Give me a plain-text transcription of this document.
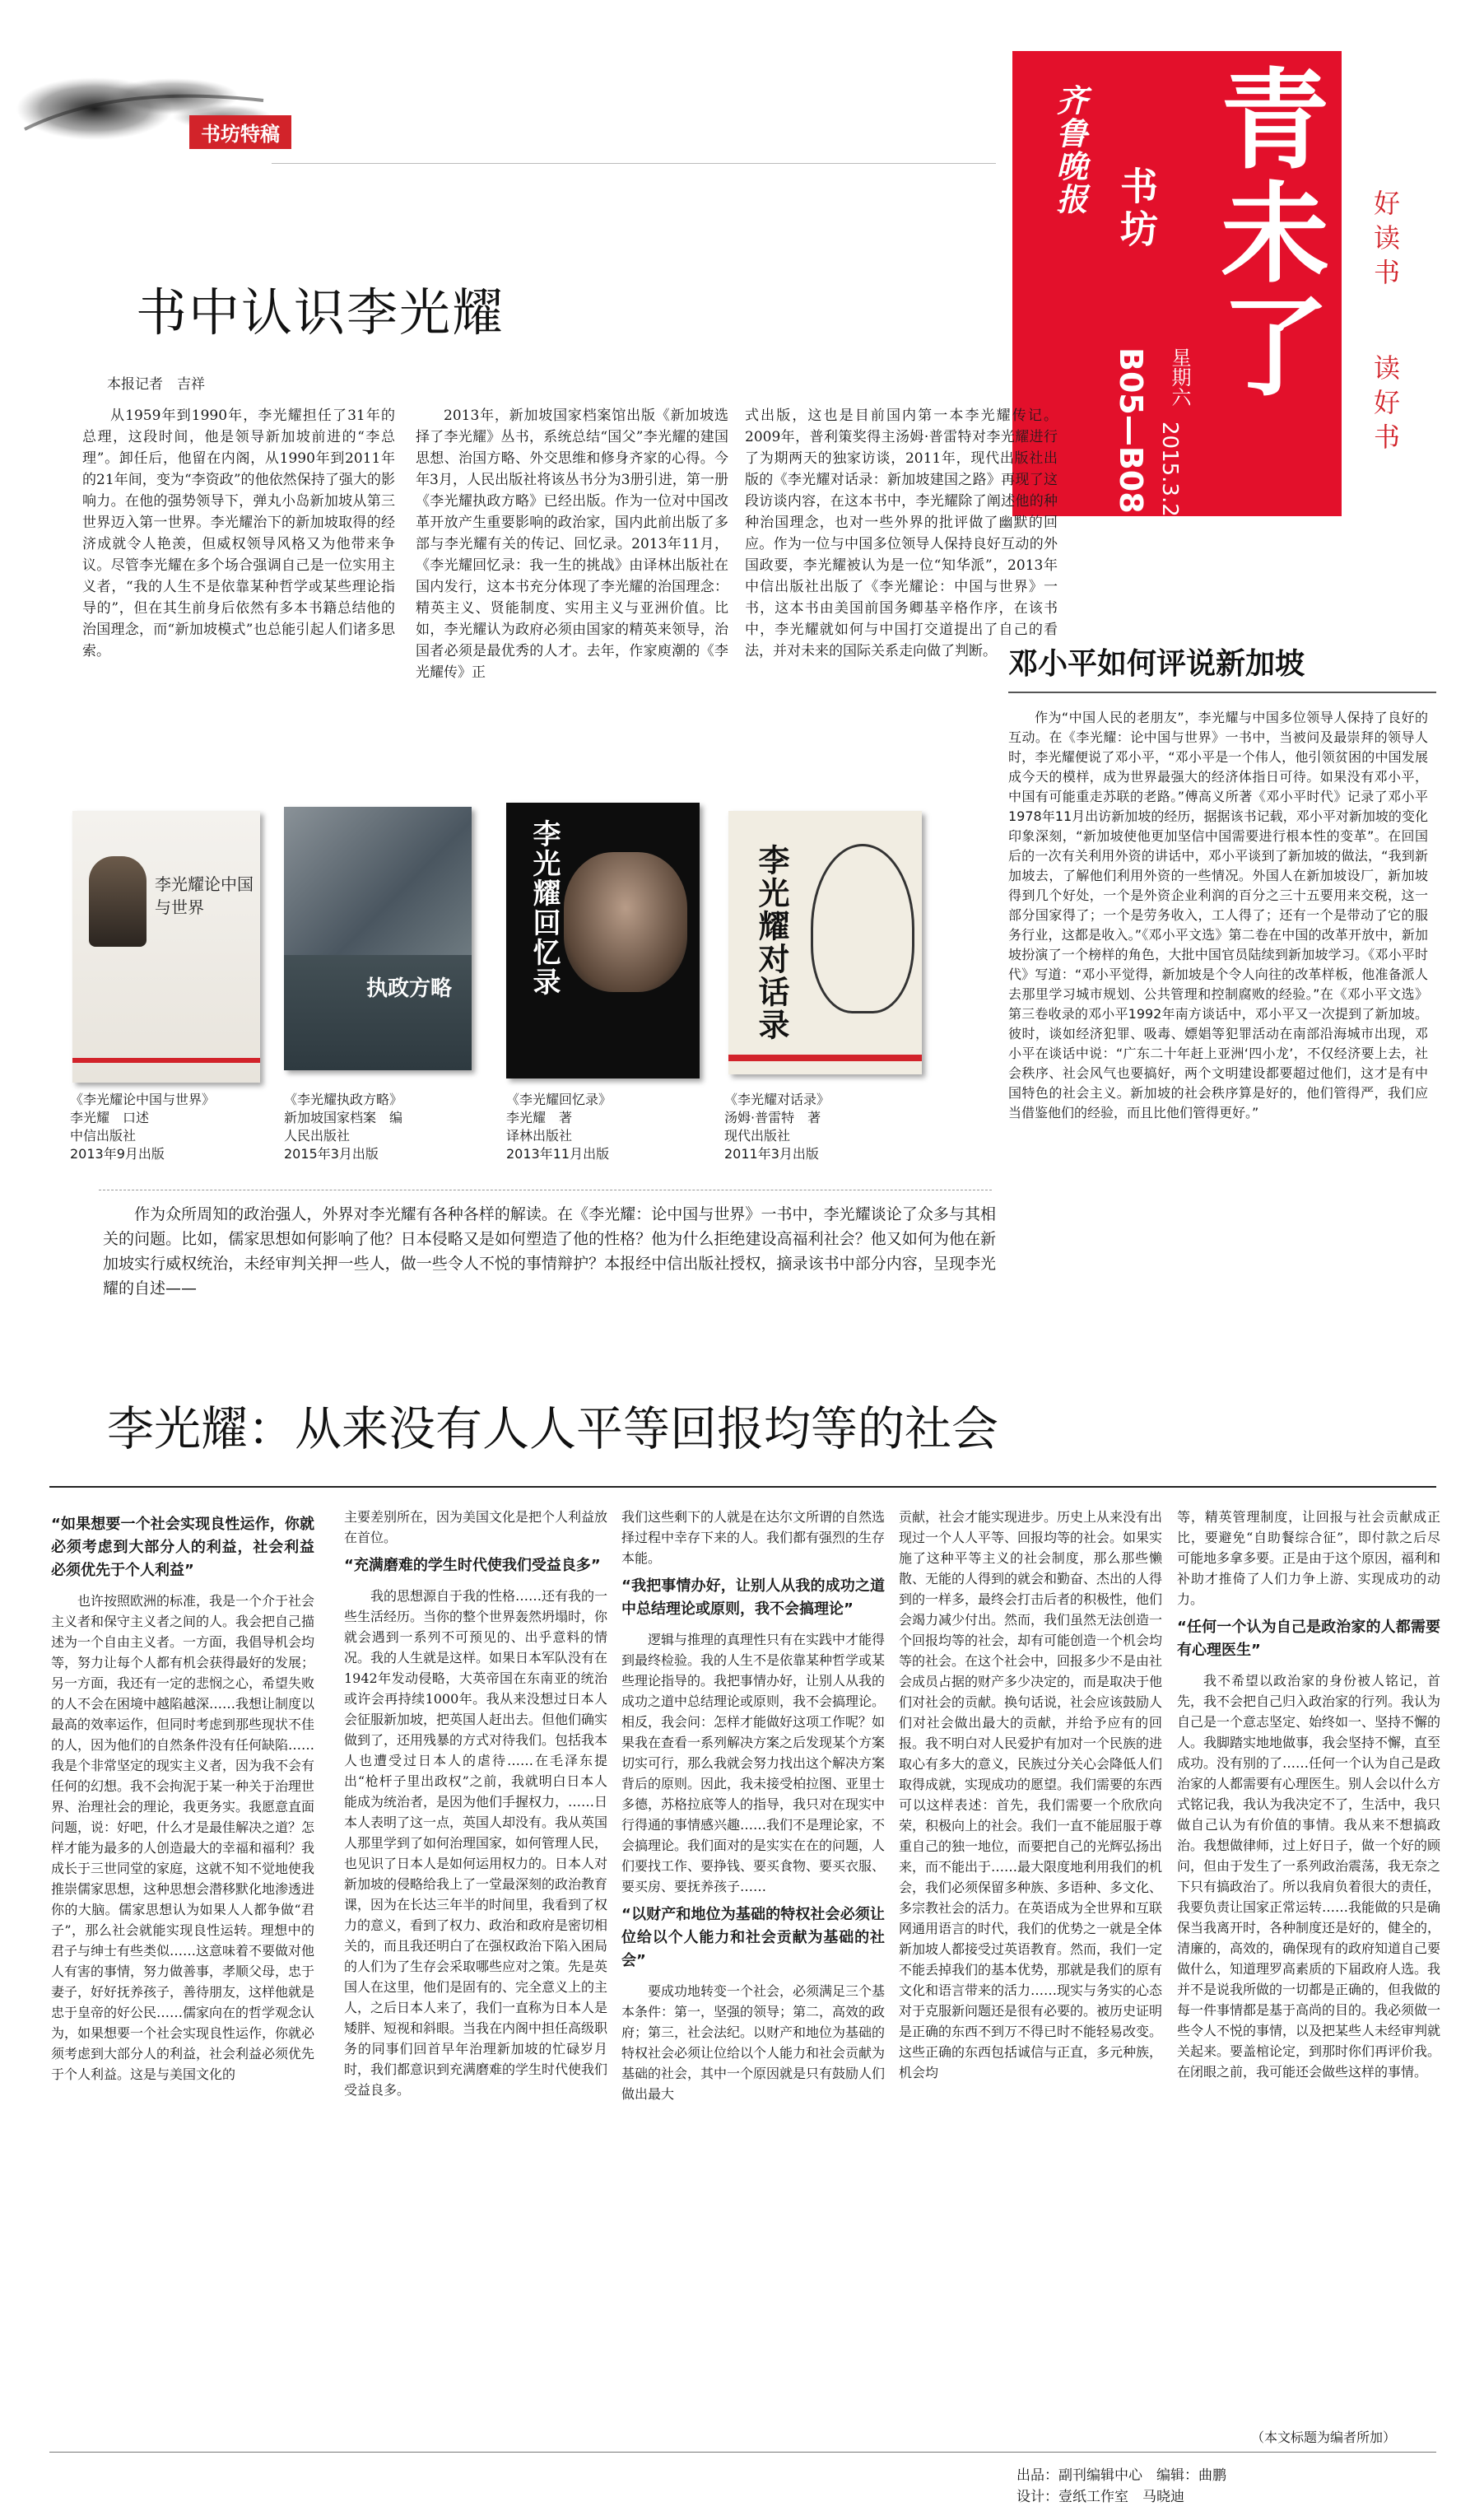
书坊特稿	青未了
书坊
齐鲁晚报
B05—B08 星期六
2015.3.28
好读书
读好书
书中认识李光耀
本报记者　吉祥

从1959年到1990年，李光耀担任了31年的总理，这段时间，他是领导新加坡前进的“李总理”。卸任后，他留在内阁，从1990年到2011年的21年间，变为“李资政”的他依然保持了强大的影响力。在他的强势领导下，弹丸小岛新加坡从第三世界迈入第一世界。李光耀治下的新加坡取得的经济成就令人艳羡，但威权领导风格又为他带来争议。尽管李光耀在多个场合强调自己是一位实用主义者，“我的人生不是依靠某种哲学或某些理论指导的”，但在其生前身后依然有多本书籍总结他的治国理念，而“新加坡模式”也总能引起人们诸多思索。

2013年，新加坡国家档案馆出版《新加坡选择了李光耀》丛书，系统总结“国父”李光耀的建国思想、治国方略、外交思维和修身齐家的心得。今年3月，人民出版社将该丛书分为3册引进，第一册《李光耀执政方略》已经出版。作为一位对中国改革开放产生重要影响的政治家，国内此前出版了多部与李光耀有关的传记、回忆录。2013年11月，《李光耀回忆录：我一生的挑战》由译林出版社在国内发行，这本书充分体现了李光耀的治国理念：精英主义、贤能制度、实用主义与亚洲价值。比如，李光耀认为政府必须由国家的精英来领导，治国者必须是最优秀的人才。去年，作家庾潮的《李光耀传》正

式出版，这也是目前国内第一本李光耀传记。2009年，普利策奖得主汤姆·普雷特对李光耀进行了为期两天的独家访谈，2011年，现代出版社出版的《李光耀对话录：新加坡建国之路》再现了这段访谈内容，在这本书中，李光耀除了阐述他的种种治国理念，也对一些外界的批评做了幽默的回应。作为一位与中国多位领导人保持良好互动的外国政要，李光耀被认为是一位“知华派”，2013年中信出版社出版了《李光耀论：中国与世界》一书，这本书由美国前国务卿基辛格作序，在该书中，李光耀就如何与中国打交道提出了自己的看法，并对未来的国际关系走向做了判断。

李光耀论中国与世界
执政方略	李光耀回忆录	李光耀对话录
《李光耀论中国与世界》
李光耀　口述
中信出版社
2013年9月出版
《李光耀执政方略》
新加坡国家档案　编
人民出版社
2015年3月出版
《李光耀回忆录》
李光耀　著
译林出版社
2013年11月出版
《李光耀对话录》
汤姆·普雷特　著
现代出版社
2011年3月出版
邓小平如何评说新加坡

作为“中国人民的老朋友”，李光耀与中国多位领导人保持了良好的互动。在《李光耀：论中国与世界》一书中，当被问及最崇拜的领导人时，李光耀便说了邓小平，“邓小平是一个伟人，他引领贫困的中国发展成今天的模样，成为世界最强大的经济体指日可待。如果没有邓小平，中国有可能重走苏联的老路。”傅高义所著《邓小平时代》记录了邓小平1978年11月出访新加坡的经历，据据该书记载，邓小平对新加坡的变化印象深刻，“新加坡使他更加坚信中国需要进行根本性的变革”。在回国后的一次有关利用外资的讲话中，邓小平谈到了新加坡的做法，“我到新加坡去，了解他们利用外资的一些情况。外国人在新加坡设厂，新加坡得到几个好处，一个是外资企业利润的百分之三十五要用来交税，这一部分国家得了；一个是劳务收入，工人得了；还有一个是带动了它的服务行业，这都是收入。”《邓小平文选》第二卷在中国的改革开放中，新加坡扮演了一个榜样的角色，大批中国官员陆续到新加坡学习。《邓小平时代》写道：“邓小平觉得，新加坡是个令人向往的改革样板，他准备派人去那里学习城市规划、公共管理和控制腐败的经验。”在《邓小平文选》第三卷收录的邓小平1992年南方谈话中，邓小平又一次提到了新加坡。彼时，谈如经济犯罪、吸毒、嫖娼等犯罪活动在南部沿海城市出现，邓小平在谈话中说：“广东二十年赶上亚洲‘四小龙’，不仅经济要上去，社会秩序、社会风气也要搞好，两个文明建设都要超过他们，这才是有中国特色的社会主义。新加坡的社会秩序算是好的，他们管得严，我们应当借鉴他们的经验，而且比他们管得更好。”

作为众所周知的政治强人，外界对李光耀有各种各样的解读。在《李光耀：论中国与世界》一书中，李光耀谈论了众多与其相关的问题。比如，儒家思想如何影响了他？日本侵略又是如何塑造了他的性格？他为什么拒绝建设高福利社会？他又如何为他在新加坡实行威权统治，未经审判关押一些人，做一些令人不悦的事情辩护？本报经中信出版社授权，摘录该书中部分内容，呈现李光耀的自述——
李光耀：从来没有人人平等回报均等的社会
“如果想要一个社会实现良性运作，你就必须考虑到大部分人的利益，社会利益必须优先于个人利益”

也许按照欧洲的标准，我是一个介于社会主义者和保守主义者之间的人。我会把自己描述为一个自由主义者。一方面，我倡导机会均等，努力让每个人都有机会获得最好的发展；另一方面，我还有一定的悲悯之心，希望失败的人不会在困境中越陷越深……我想让制度以最高的效率运作，但同时考虑到那些现状不佳的人，因为他们的自然条件没有任何缺陷……我是个非常坚定的现实主义者，因为我不会有任何的幻想。我不会拘泥于某一种关于治理世界、治理社会的理论，我更务实。我愿意直面问题，说：好吧，什么才是最佳解决之道？怎样才能为最多的人创造最大的幸福和福利？我成长于三世同堂的家庭，这就不知不觉地使我推崇儒家思想，这种思想会潜移默化地渗透进你的大脑。儒家思想认为如果人人都争做“君子”，那么社会就能实现良性运转。理想中的君子与绅士有些类似……这意味着不要做对他人有害的事情，努力做善事，孝顺父母，忠于妻子，好好抚养孩子，善待朋友，这样他就是忠于皇帝的好公民……儒家向在的哲学观念认为，如果想要一个社会实现良性运作，你就必须考虑到大部分人的利益，社会利益必须优先于个人利益。这是与美国文化的

主要差别所在，因为美国文化是把个人利益放在首位。

“充满磨难的学生时代使我们受益良多”

我的思想源自于我的性格……还有我的一些生活经历。当你的整个世界轰然坍塌时，你就会遇到一系列不可预见的、出乎意料的情况。我的人生就是这样。如果日本军队没有在1942年发动侵略，大英帝国在东南亚的统治或许会再持续1000年。我从来没想过日本人会征服新加坡，把英国人赶出去。但他们确实做到了，还用残暴的方式对待我们。包括我本人也遭受过日本人的虐待……在毛泽东提出“枪杆子里出政权”之前，我就明白日本人能成为统治者，是因为他们手握权力，……日本人表明了这一点，英国人却没有。我从英国人那里学到了如何治理国家，如何管理人民，也见识了日本人是如何运用权力的。日本人对新加坡的侵略给我上了一堂最深刻的政治教育课，因为在长达三年半的时间里，我看到了权力的意义，看到了权力、政治和政府是密切相关的，而且我还明白了在强权政治下陷入困局的人们为了生存会采取哪些应对之策。先是英国人在这里，他们是固有的、完全意义上的主人，之后日本人来了，我们一直称为日本人是矮胖、短视和斜眼。当我在内阁中担任高级职务的同事们回首早年治理新加坡的忙碌岁月时，我们都意识到充满磨难的学生时代使我们受益良多。

我们这些剩下的人就是在达尔文所谓的自然选择过程中幸存下来的人。我们都有强烈的生存本能。

“我把事情办好，让别人从我的成功之道中总结理论或原则，我不会搞理论”

逻辑与推理的真理性只有在实践中才能得到最终检验。我的人生不是依靠某种哲学或某些理论指导的。我把事情办好，让别人从我的成功之道中总结理论或原则，我不会搞理论。相反，我会问：怎样才能做好这项工作呢？如果我在查看一系列解决方案之后发现某个方案切实可行，那么我就会努力找出这个解决方案背后的原则。因此，我未接受柏拉图、亚里士多德，苏格拉底等人的指导，我只对在现实中行得通的事情感兴趣……我们不是理论家，不会搞理论。我们面对的是实实在在的问题，人们要找工作、要挣钱、要买食物、要买衣服、要买房、要抚养孩子……

“以财产和地位为基础的特权社会必须让位给以个人能力和社会贡献为基础的社会”

要成功地转变一个社会，必须满足三个基本条件：第一，坚强的领导；第二，高效的政府；第三，社会法纪。以财产和地位为基础的特权社会必须让位给以个人能力和社会贡献为基础的社会，其中一个原因就是只有鼓励人们做出最大

贡献，社会才能实现进步。历史上从来没有出现过一个人人平等、回报均等的社会。如果实施了这种平等主义的社会制度，那么那些懒散、无能的人得到的就会和勤奋、杰出的人得到的一样多，最终会打击后者的积极性，他们会竭力减少付出。然而，我们虽然无法创造一个回报均等的社会，却有可能创造一个机会均等的社会。在这个社会中，回报多少不是由社会成员占据的财产多少决定的，而是取决于他们对社会的贡献。换句话说，社会应该鼓励人们对社会做出最大的贡献，并给予应有的回报。我不明白对人民爱护有加对一个民族的进取心有多大的意义，民族过分关心会降低人们取得成就，实现成功的愿望。我们需要的东西可以这样表述：首先，我们需要一个欣欣向荣，积极向上的社会。我们一直不能屈服于尊重自己的独一地位，而要把自己的光辉弘扬出来，而不能出于……最大限度地利用我们的机会，我们必须保留多种族、多语种、多文化、多宗教社会的活力。在英语成为全世界和互联网通用语言的时代，我们的优势之一就是全体新加坡人都接受过英语教育。然而，我们一定不能丢掉我们的基本优势，那就是我们的原有文化和语言带来的活力……现实与务实的心态对于克服新问题还是很有必要的。被历史证明是正确的东西不到万不得已时不能轻易改变。这些正确的东西包括诚信与正直，多元种族，机会均

等，精英管理制度，让回报与社会贡献成正比，要避免“自助餐综合征”，即付款之后尽可能地多拿多要。正是由于这个原因，福利和补助才推倚了人们力争上游、实现成功的动力。

“任何一个认为自己是政治家的人都需要有心理医生”

我不希望以政治家的身份被人铭记，首先，我不会把自己归入政治家的行列。我认为自己是一个意志坚定、始终如一、坚持不懈的人。我脚踏实地地做事，我会坚持不懈，直至成功。没有别的了……任何一个认为自己是政治家的人都需要有心理医生。别人会以什么方式铭记我，我认为我决定不了，生活中，我只做自己认为有价值的事情。我从来不想搞政治。我想做律师，过上好日子，做一个好的顾问，但由于发生了一系列政治震荡，我无奈之下只有搞政治了。所以我肩负着很大的责任，我要负责让国家正常运转……我能做的只是确保当我离开时，各种制度还是好的，健全的，清廉的，高效的，确保现有的政府知道自己要做什么，知道理罗高素质的下届政府人选。我并不是说我所做的一切都是正确的，但我做的每一件事情都是基于高尚的目的。我必须做一些令人不悦的事情，以及把某些人未经审判就关起来。要盖棺论定，到那时你们再评价我。在闭眼之前，我可能还会做些这样的事情。

（本文标题为编者所加）
出品：副刊编辑中心　编辑：曲鹏
设计：壹纸工作室　马晓迪
